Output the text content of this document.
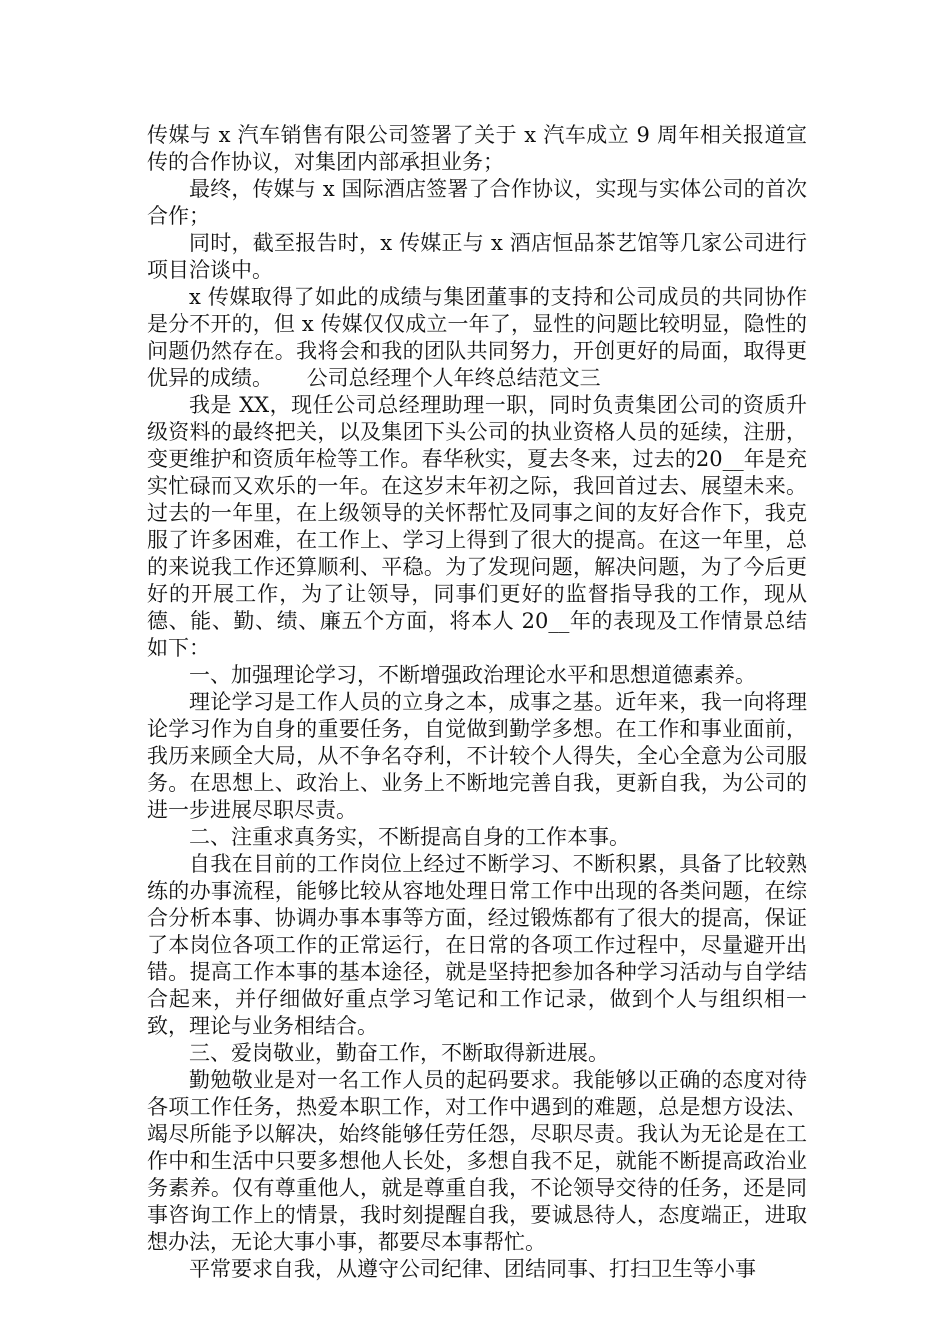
传媒与 x 汽车销售有限公司签署了关于 x 汽车成立 9 周年相关报道宣传的合作协议，对集团内部承担业务；

最终，传媒与 x 国际酒店签署了合作协议，实现与实体公司的首次合作；

同时，截至报告时，x 传媒正与 x 酒店恒品茶艺馆等几家公司进行项目洽谈中。

x 传媒取得了如此的成绩与集团董事的支持和公司成员的共同协作是分不开的，但 x 传媒仅仅成立一年了，显性的问题比较明显，隐性的问题仍然存在。我将会和我的团队共同努力，开创更好的局面，取得更优异的成绩。 公司总经理个人年终总结范文三

我是 XX，现任公司总经理助理一职，同时负责集团公司的资质升级资料的最终把关，以及集团下头公司的执业资格人员的延续，注册，变更维护和资质年检等工作。春华秋实，夏去冬来，过去的20__年是充实忙碌而又欢乐的一年。在这岁末年初之际，我回首过去、展望未来。过去的一年里，在上级领导的关怀帮忙及同事之间的友好合作下，我克服了许多困难，在工作上、学习上得到了很大的提高。在这一年里，总的来说我工作还算顺利、平稳。为了发现问题，解决问题，为了今后更好的开展工作，为了让领导，同事们更好的监督指导我的工作，现从德、能、勤、绩、廉五个方面，将本人 20__年的表现及工作情景总结如下：

一、加强理论学习，不断增强政治理论水平和思想道德素养。

理论学习是工作人员的立身之本，成事之基。近年来，我一向将理论学习作为自身的重要任务，自觉做到勤学多想。在工作和事业面前，我历来顾全大局，从不争名夺利，不计较个人得失，全心全意为公司服务。在思想上、政治上、业务上不断地完善自我，更新自我，为公司的进一步进展尽职尽责。

二、注重求真务实，不断提高自身的工作本事。

自我在目前的工作岗位上经过不断学习、不断积累，具备了比较熟练的办事流程，能够比较从容地处理日常工作中出现的各类问题，在综合分析本事、协调办事本事等方面，经过锻炼都有了很大的提高，保证了本岗位各项工作的正常运行，在日常的各项工作过程中，尽量避开出错。提高工作本事的基本途径，就是坚持把参加各种学习活动与自学结合起来，并仔细做好重点学习笔记和工作记录，做到个人与组织相一致，理论与业务相结合。

三、爱岗敬业，勤奋工作，不断取得新进展。

勤勉敬业是对一名工作人员的起码要求。我能够以正确的态度对待各项工作任务，热爱本职工作，对工作中遇到的难题，总是想方设法、竭尽所能予以解决，始终能够任劳任怨，尽职尽责。我认为无论是在工作中和生活中只要多想他人长处，多想自我不足，就能不断提高政治业务素养。仅有尊重他人，就是尊重自我，不论领导交待的任务，还是同事咨询工作上的情景，我时刻提醒自我，要诚恳待人，态度端正，进取想办法，无论大事小事，都要尽本事帮忙。

平常要求自我，从遵守公司纪律、团结同事、打扫卫生等小事
